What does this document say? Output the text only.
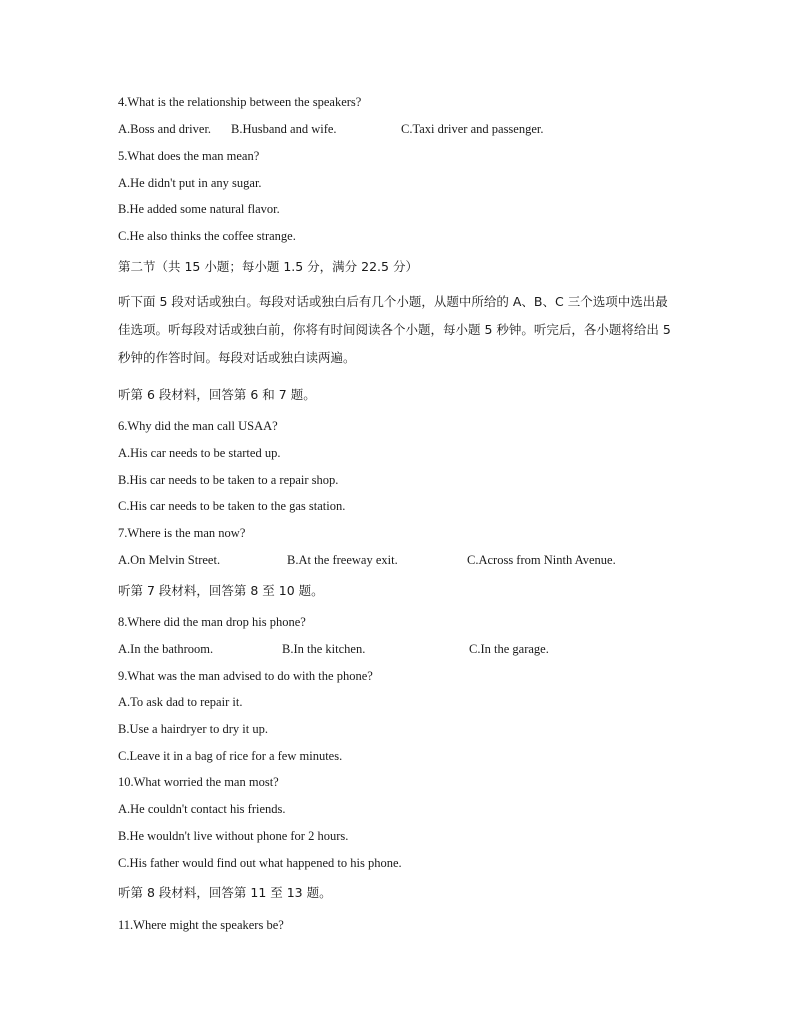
4.What is the relationship between the speakers?
A.Boss and driver. B.Husband and wife.	C.Taxi driver and passenger.
5.What does the man mean?
A.He didn't put in any sugar.
B.He added some natural flavor.
C.He also thinks the coffee strange.
第二节（共 15 小题；每小题 1.5 分，满分 22.5 分）
听下面 5 段对话或独白。每段对话或独白后有几个小题，从题中所给的 A、B、C 三个选项中选出最佳选项。听每段对话或独白前，你将有时间阅读各个小题，每小题 5 秒钟。听完后，各小题将给出 5 秒钟的作答时间。每段对话或独白读两遍。
听第 6 段材料，回答第 6 和 7 题。
6.Why did the man call USAA?
A.His car needs to be started up.
B.His car needs to be taken to a repair shop.
C.His car needs to be taken to the gas station.
7.Where is the man now?
A.On Melvin Street.	B.At the freeway exit.	C.Across from Ninth Avenue.
听第 7 段材料，回答第 8 至 10 题。
8.Where did the man drop his phone?
A.In the bathroom.	B.In the kitchen.	C.In the garage.
9.What was the man advised to do with the phone?
A.To ask dad to repair it.
B.Use a hairdryer to dry it up.
C.Leave it in a bag of rice for a few minutes.
10.What worried the man most?
A.He couldn't contact his friends.
B.He wouldn't live without phone for 2 hours.
C.His father would find out what happened to his phone.
听第 8 段材料，回答第 11 至 13 题。
11.Where might the speakers be?
